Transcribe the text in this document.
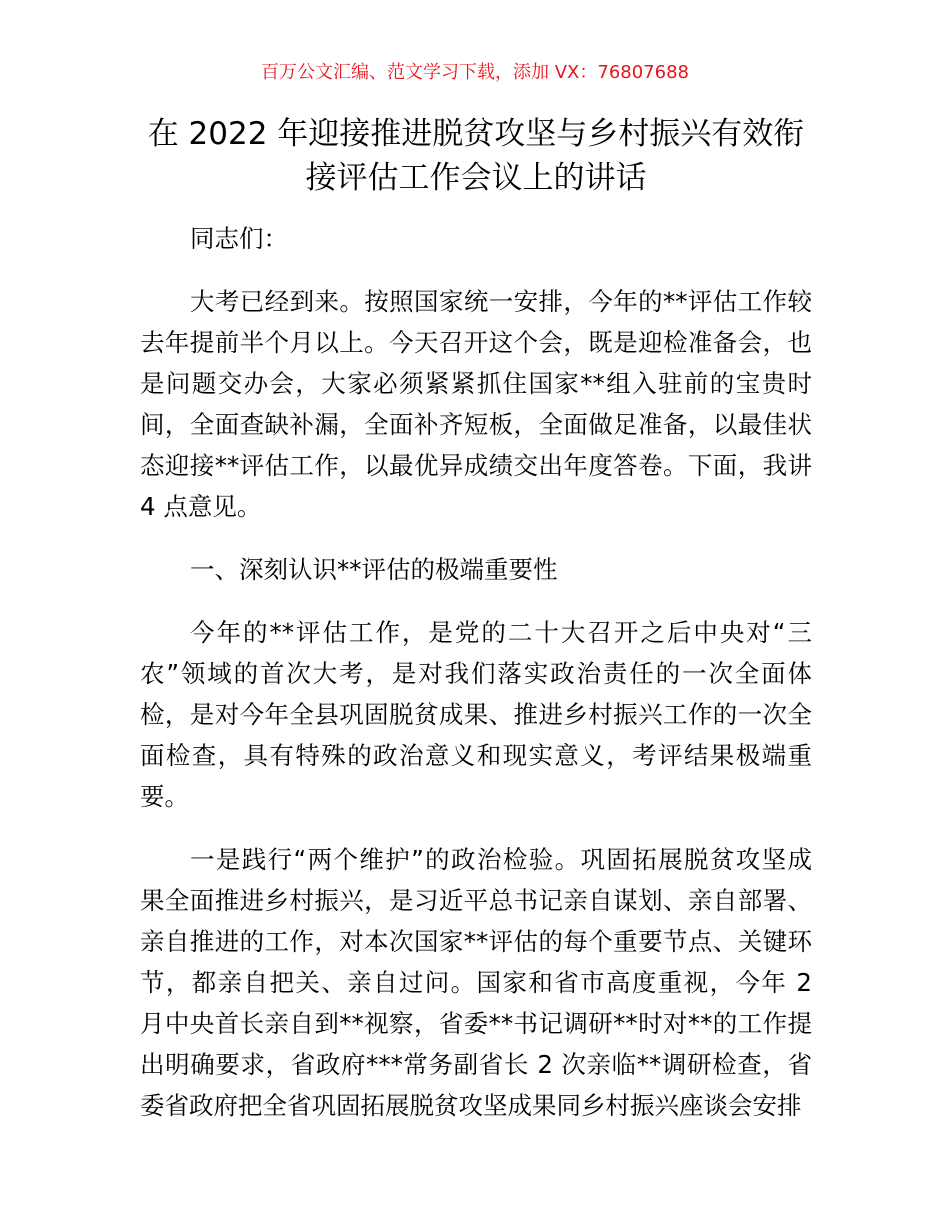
百万公文汇编、范文学习下载，添加 VX：76807688
在 2022 年迎接推进脱贫攻坚与乡村振兴有效衔
接评估工作会议上的讲话
同志们：
大考已经到来。按照国家统一安排，今年的**评估工作较
去年提前半个月以上。今天召开这个会，既是迎检准备会，也
是问题交办会，大家必须紧紧抓住国家**组入驻前的宝贵时
间，全面查缺补漏，全面补齐短板，全面做足准备，以最佳状
态迎接**评估工作，以最优异成绩交出年度答卷。下面，我讲
4 点意见。
一、深刻认识**评估的极端重要性
今年的**评估工作，是党的二十大召开之后中央对“三
农”领域的首次大考，是对我们落实政治责任的一次全面体
检，是对今年全县巩固脱贫成果、推进乡村振兴工作的一次全
面检查，具有特殊的政治意义和现实意义，考评结果极端重
要。
一是践行“两个维护”的政治检验。巩固拓展脱贫攻坚成
果全面推进乡村振兴，是习近平总书记亲自谋划、亲自部署、
亲自推进的工作，对本次国家**评估的每个重要节点、关键环
节，都亲自把关、亲自过问。国家和省市高度重视，今年 2
月中央首长亲自到**视察，省委**书记调研**时对**的工作提
出明确要求，省政府***常务副省长 2 次亲临**调研检查，省
委省政府把全省巩固拓展脱贫攻坚成果同乡村振兴座谈会安排
